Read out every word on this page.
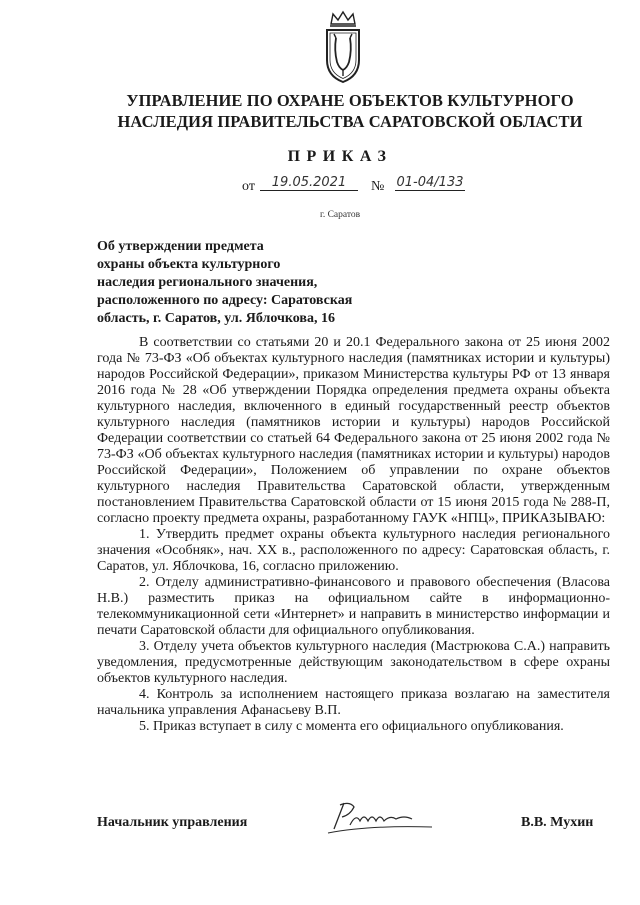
УПРАВЛЕНИЕ ПО ОХРАНЕ ОБЪЕКТОВ КУЛЬТУРНОГО
НАСЛЕДИЯ ПРАВИТЕЛЬСТВА САРАТОВСКОЙ ОБЛАСТИ
ПРИКАЗ
от	19.05.2021	№ 01-04/133
г. Саратов
Об утверждении предмета
охраны объекта культурного
наследия регионального значения,
расположенного по адресу: Саратовская
область, г. Саратов, ул. Яблочкова, 16

В соответствии со статьями 20 и 20.1 Федерального закона от 25 июня 2002 года № 73-ФЗ «Об объектах культурного наследия (памятниках истории и культуры) народов Российской Федерации», приказом Министерства культуры РФ от 13 января 2016 года № 28 «Об утверждении Порядка определения предмета охраны объекта культурного наследия, включенного в единый государственный реестр объектов культурного наследия (памятников истории и культуры) народов Российской Федерации соответствии со статьей 64 Федерального закона от 25 июня 2002 года № 73-ФЗ «Об объектах культурного наследия (памятниках истории и культуры) народов Российской Федерации», Положением об управлении по охране объектов культурного наследия Правительства Саратовской области, утвержденным постановлением Правительства Саратовской области от 15 июня 2015 года № 288-П, согласно проекту предмета охраны, разработанному ГАУК «НПЦ», ПРИКАЗЫВАЮ:

1. Утвердить предмет охраны объекта культурного наследия регионального значения «Особняк», нач. XX в., расположенного по адресу: Саратовская область, г. Саратов, ул. Яблочкова, 16, согласно приложению.

2. Отделу административно-финансового и правового обеспечения (Власова Н.В.) разместить приказ на официальном сайте в информационно-телекоммуникационной сети «Интернет» и направить в министерство информации и печати Саратовской области для официального опубликования.

3. Отделу учета объектов культурного наследия (Мастрюкова С.А.) направить уведомления, предусмотренные действующим законодательством в сфере охраны объектов культурного наследия.

4. Контроль за исполнением настоящего приказа возлагаю на заместителя начальника управления Афанасьеву В.П.

5. Приказ вступает в силу с момента его официального опубликования.

Начальник управления	В.В. Мухин
